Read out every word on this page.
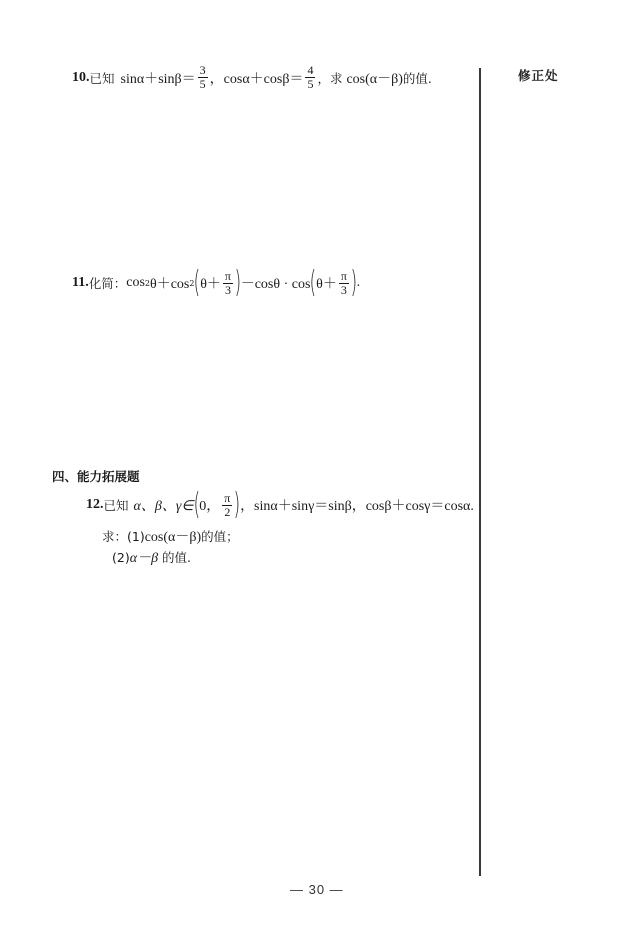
修正处
10. 已知 $\sin\alpha+\sin\beta= \frac{3}{5}$ ， $\cos\alpha+\cos\beta= \frac{4}{5}$ ，求 cos(α－β) 的值.
11. 化简： cos 2 θ＋cos 2 ( $\theta+ \frac{\pi}{3}$ ) －cosθ · cos ( $\theta+ \frac{\pi}{3}$ ) .
四、能力拓展题
12. 已知 α、β、γ∈ ( 0， $\frac{\pi}{2}$ ) ，sinα＋sinγ＝sinβ，cosβ＋cosγ＝cosα.
求：(1) cos(α－β) 的值；
(2) α－β 的值.
— 30 —
